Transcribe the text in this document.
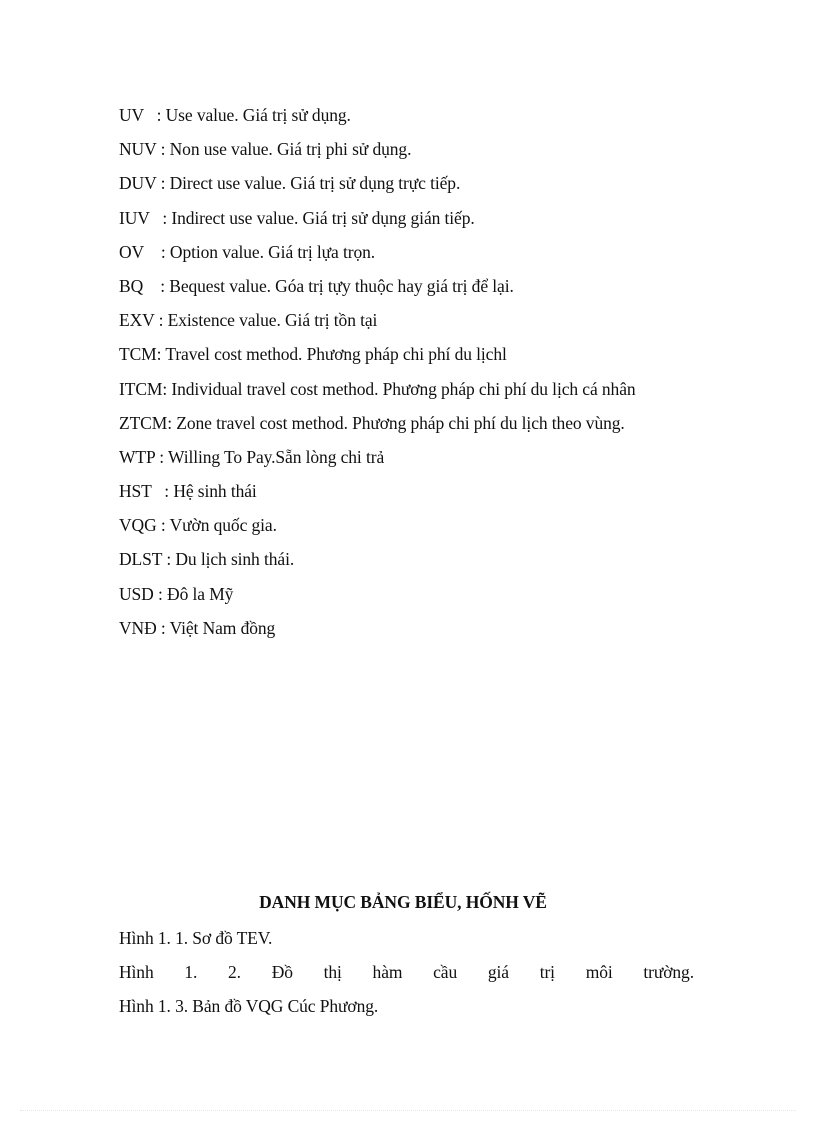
UV   : Use value. Giá trị sử dụng.
NUV : Non use value. Giá trị phi sử dụng.
DUV : Direct use value. Giá trị sử dụng trực tiếp.
IUV   : Indirect use value. Giá trị sử dụng gián tiếp.
OV    : Option value. Giá trị lựa trọn.
BQ    : Bequest value. Góa trị tựy thuộc hay giá trị để lại.
EXV : Existence value. Giá trị tồn tại
TCM: Travel cost method. Phương pháp chi phí du lịchl
ITCM: Individual travel cost method. Phương pháp chi phí du lịch cá nhân
ZTCM: Zone travel cost method. Phương pháp chi phí du lịch theo vùng.
WTP : Willing To Pay.Sẵn lòng chi trả
HST   : Hệ sinh thái
VQG : Vườn quốc gia.
DLST : Du lịch sinh thái.
USD : Đô la Mỹ
VNĐ : Việt Nam đồng
DANH MỤC BẢNG BIỂU, HỐNH VẼ
Hình 1. 1. Sơ đồ TEV.
Hình 1. 2. Đồ thị hàm cầu giá trị môi trường.
Hình 1. 3. Bản đồ VQG Cúc Phương.
